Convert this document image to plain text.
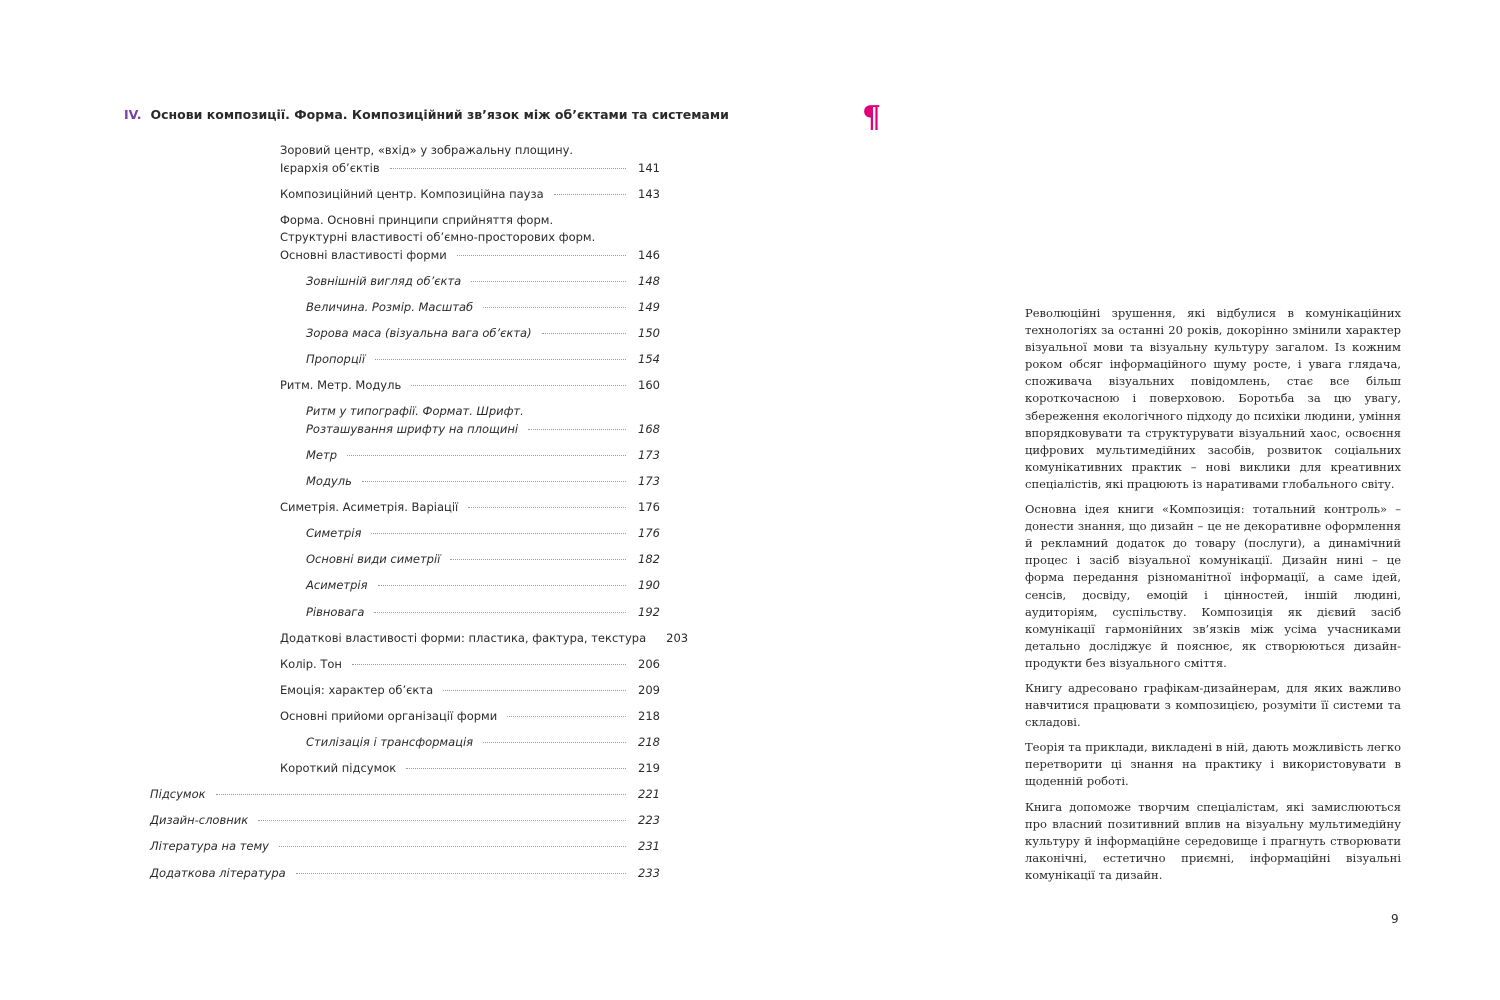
IV. Основи композиції. Форма. Композиційний зв’язок між об’єктами та системами
Зоровий центр, «вхід» у зображальну площину.
Ієрархія об’єктів	141
Композиційний центр. Композиційна пауза	143
Форма. Основні принципи сприйняття форм.
Структурні властивості об’ємно-просторових форм.
Основні властивості форми	146
Зовнішній вигляд об’єкта	148
Величина. Розмір. Масштаб	149
Зорова маса (візуальна вага об’єкта)	150
Пропорції	154
Ритм. Метр. Модуль	160
Ритм у типографії. Формат. Шрифт.
Розташування шрифту на площині	168
Метр	173
Модуль	173
Симетрія. Асиметрія. Варіації	176
Симетрія	176
Основні види симетрії	182
Асиметрія	190
Рівновага	192
Додаткові властивості форми: пластика, фактура, текстура 203
Колір. Тон	206
Емоція: характер об’єкта	209
Основні прийоми організації форми	218
Стилізація і трансформація	218
Короткий підсумок	219
Підсумок	221
Дизайн-словник	223
Література на тему	231
Додаткова література	233
¶

Революційні зрушення, які відбулися в комунікаційних технологіях за останні 20 років, докорінно змінили характер візуальної мови та візуальну культуру загалом. Із кожним роком обсяг інформаційного шуму росте, і увага глядача, споживача візуальних повідомлень, стає все більш короткочасною і поверховою. Боротьба за цю увагу, збереження екологічного підходу до психіки людини, уміння впорядковувати та структурувати візуальний хаос, освоєння цифрових мультимедійних засобів, розвиток соціальних комунікативних практик – нові виклики для креативних спеціалістів, які працюють із наративами глобального світу.

Основна ідея книги «Композиція: тотальний контроль» – донести знання, що дизайн – це не декоративне оформлення й рекламний додаток до товару (послуги), а динамічний процес і засіб візуальної комунікації. Дизайн нині – це форма передання різноманітної інформації, а саме ідей, сенсів, досвіду, емоцій і цінностей, іншій людині, аудиторіям, суспільству. Композиція як дієвий засіб комунікації гармонійних зв’язків між усіма учасниками детально досліджує й пояснює, як створюються дизайн-продукти без візуального сміття.

Книгу адресовано графікам-дизайнерам, для яких важливо навчитися працювати з композицією, розуміти її системи та складові.

Теорія та приклади, викладені в ній, дають можливість легко перетворити ці знання на практику і використовувати в щоденній роботі.

Книга допоможе творчим спеціалістам, які замислюються про власний позитивний вплив на візуальну мультимедійну культуру й інформаційне середовище і прагнуть створювати лаконічні, естетично приємні, інформаційні візуальні комунікації та дизайн.

9
